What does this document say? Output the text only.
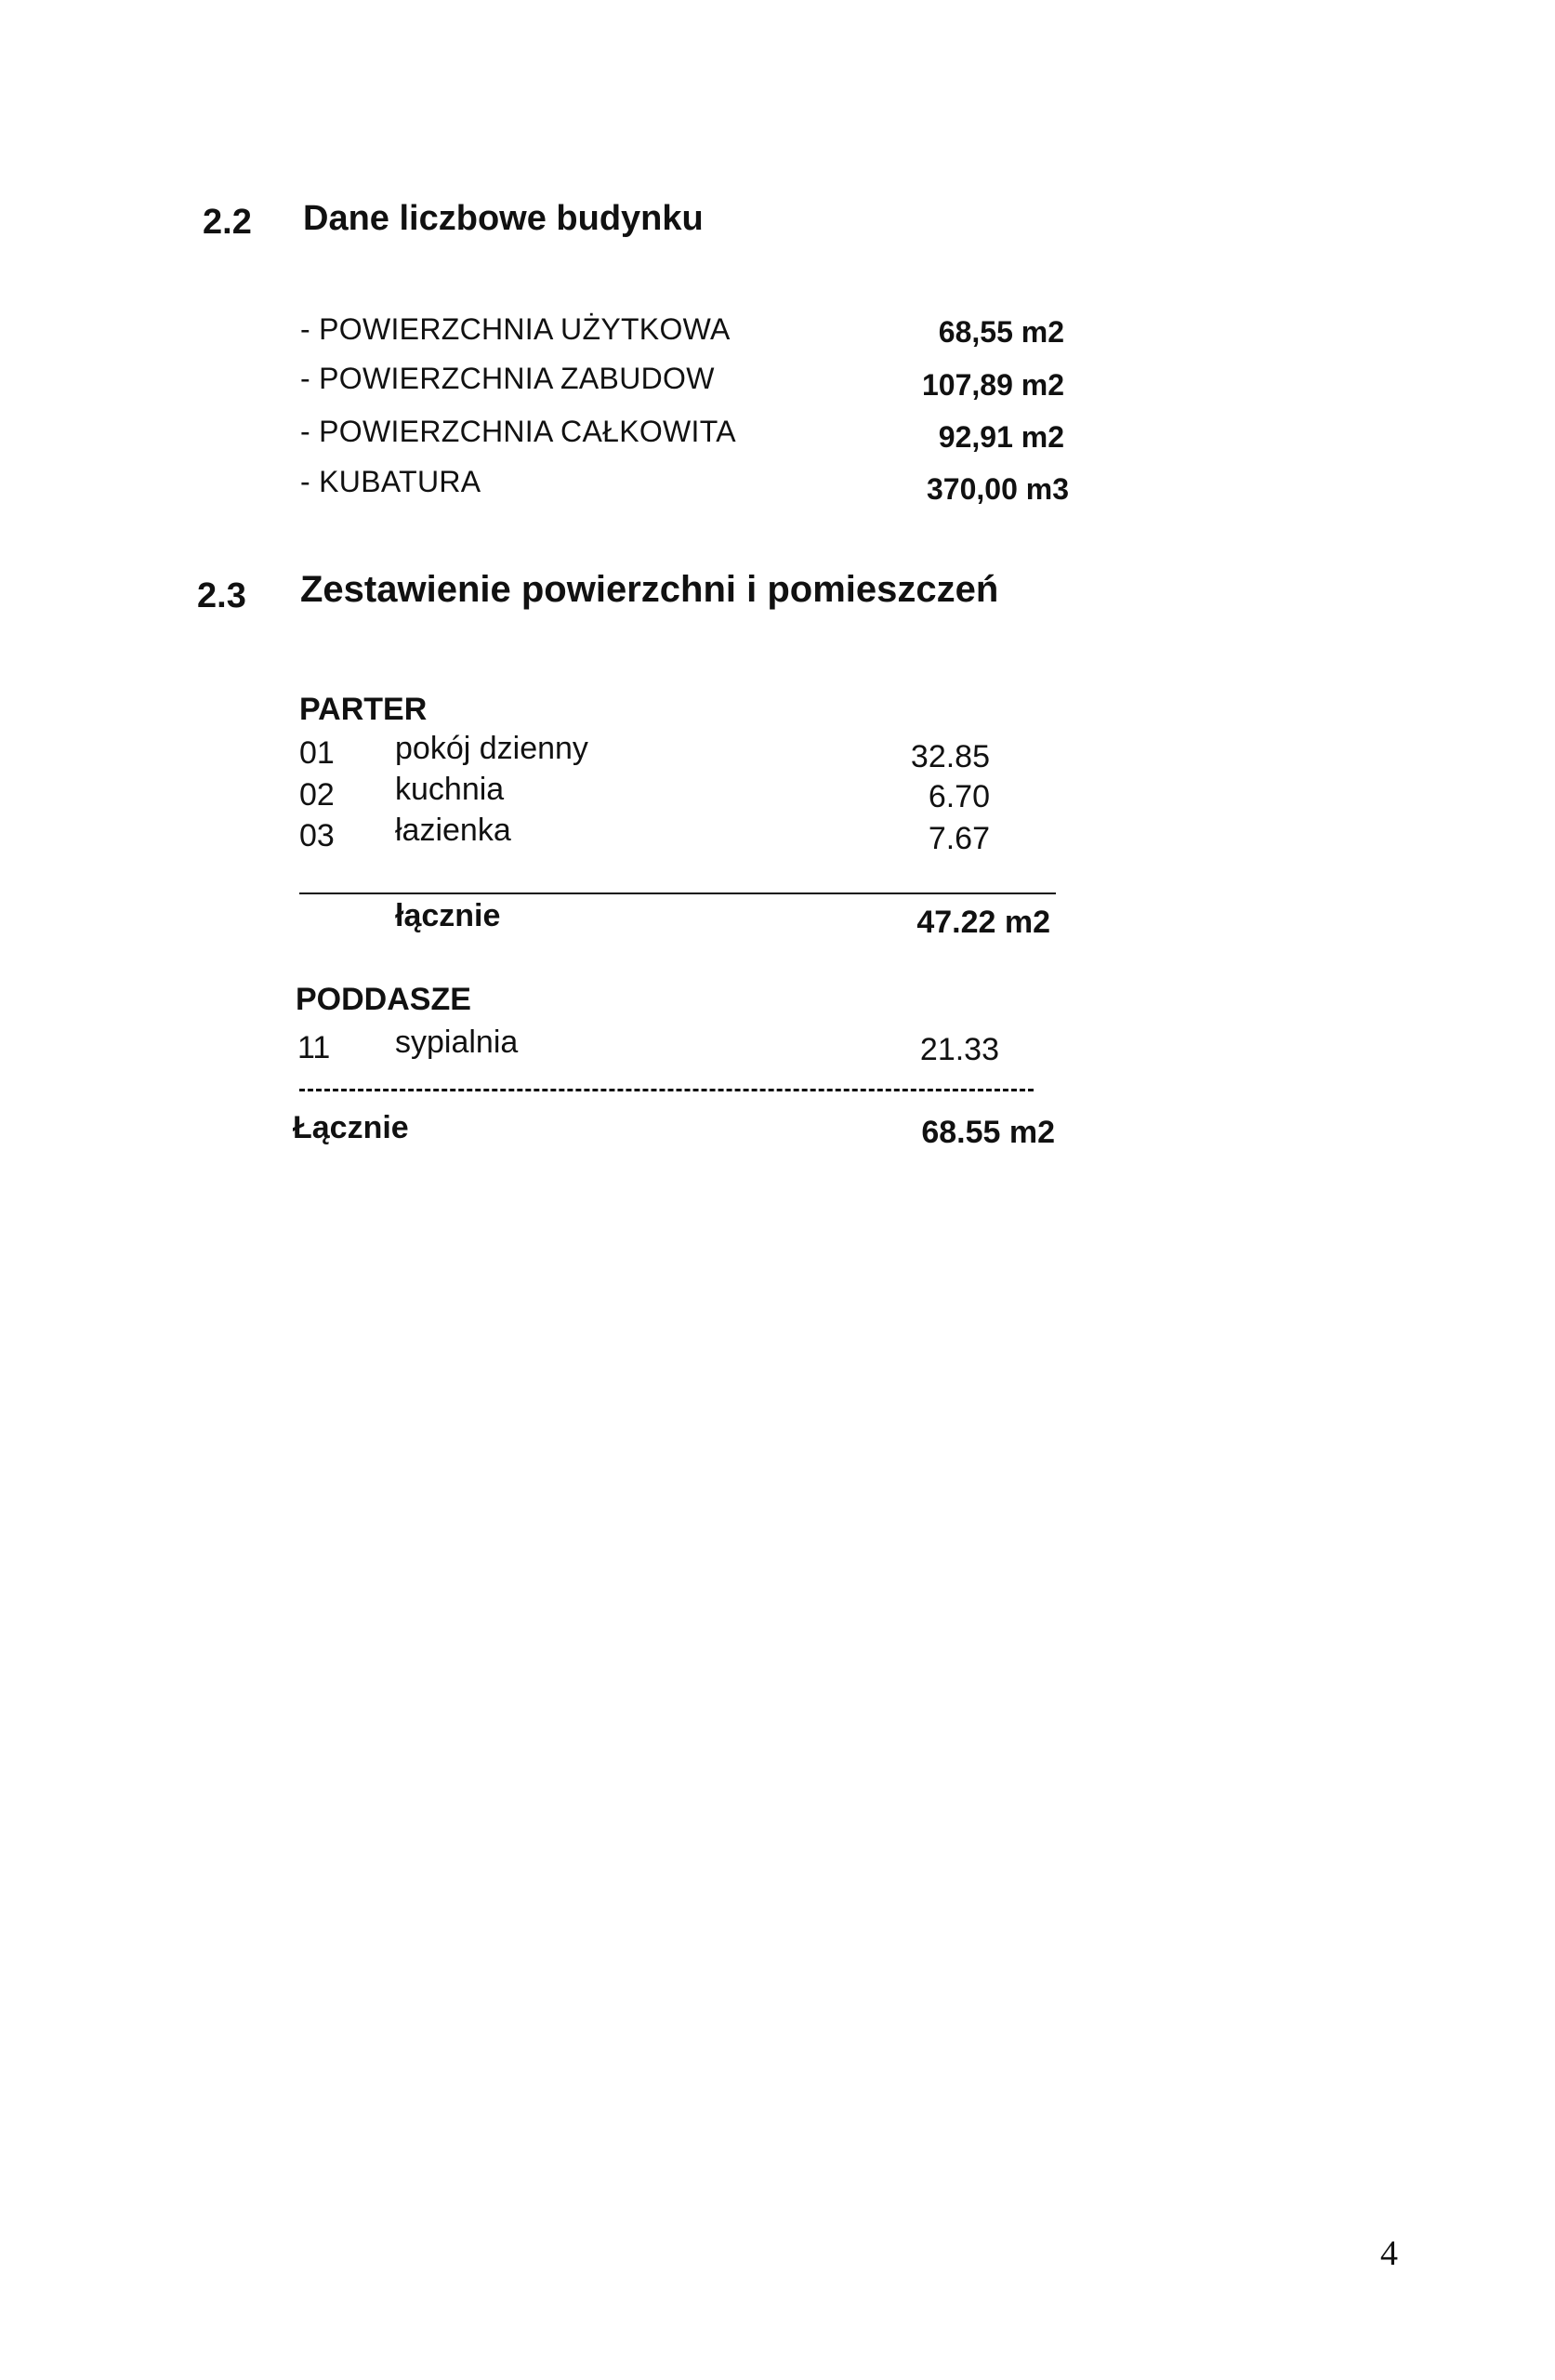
2.2 Dane liczbowe budynku
- POWIERZCHNIA UŻYTKOWA	68,55 m2
- POWIERZCHNIA ZABUDOW	107,89 m2
- POWIERZCHNIA CAŁKOWITA	92,91 m2
- KUBATURA	370,00 m3
2.3 Zestawienie powierzchni i pomieszczeń
PARTER
01 pokój dzienny	32.85
02 kuchnia	6.70
03 łazienka	7.67
łącznie	47.22 m2
PODDASZE
11 sypialnia	21.33
Łącznie	68.55 m2
4
